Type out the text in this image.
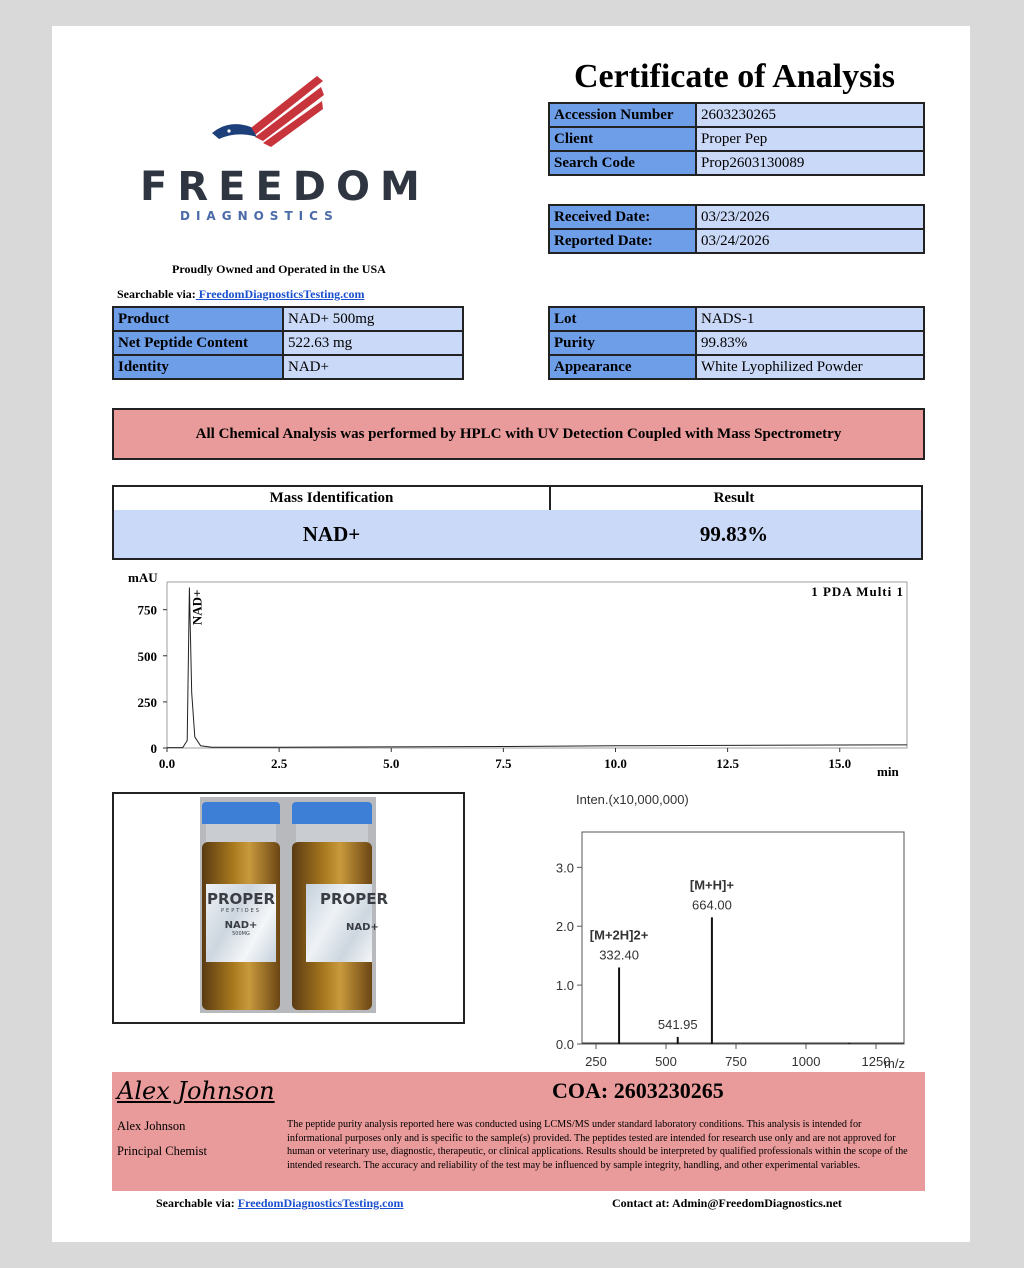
FREEDOM
DIAGNOSTICS
Proudly Owned and Operated in the USA
Searchable via: FreedomDiagnosticsTesting.com
Certificate of Analysis
Accession Number	2603230265
Client	Proper Pep
Search Code	Prop2603130089
Received Date:	03/23/2026
Reported Date:	03/24/2026
Product	NAD+ 500mg
Net Peptide Content	522.63 mg
Identity	NAD+
Lot	NADS-1
Purity	99.83%
Appearance	White Lyophilized Powder
All Chemical Analysis was performed by HPLC with UV Detection Coupled with Mass Spectrometry
Mass Identification	Result
NAD+	99.83%
mAU
min
1 PDA Multi 1
0
250
500
750
0.0	2.5	5.0	7.5	10.0	12.5	15.0
NAD+
PROPER
PEPTIDES
NAD+
500MG
PROPER
NAD+
Inten.(x10,000,000)
m/z
0.0
1.0
2.0
3.0
250	500	750	1000	1250
332.40
[M+2H]2+
541.95
664.00
[M+H]+
Alex Johnson
Alex Johnson
Principal Chemist
COA: 2603230265
The peptide purity analysis reported here was conducted using LCMS/MS under standard laboratory conditions. This analysis is intended for informational purposes only and is specific to the sample(s) provided. The peptides tested are intended for research use only and are not approved for human or veterinary use, diagnostic, therapeutic, or clinical applications. Results should be interpreted by qualified professionals within the scope of the intended research. The accuracy and reliability of the test may be influenced by sample integrity, handling, and other experimental variables.
Searchable via: FreedomDiagnosticsTesting.com	Contact at: Admin@FreedomDiagnostics.net
